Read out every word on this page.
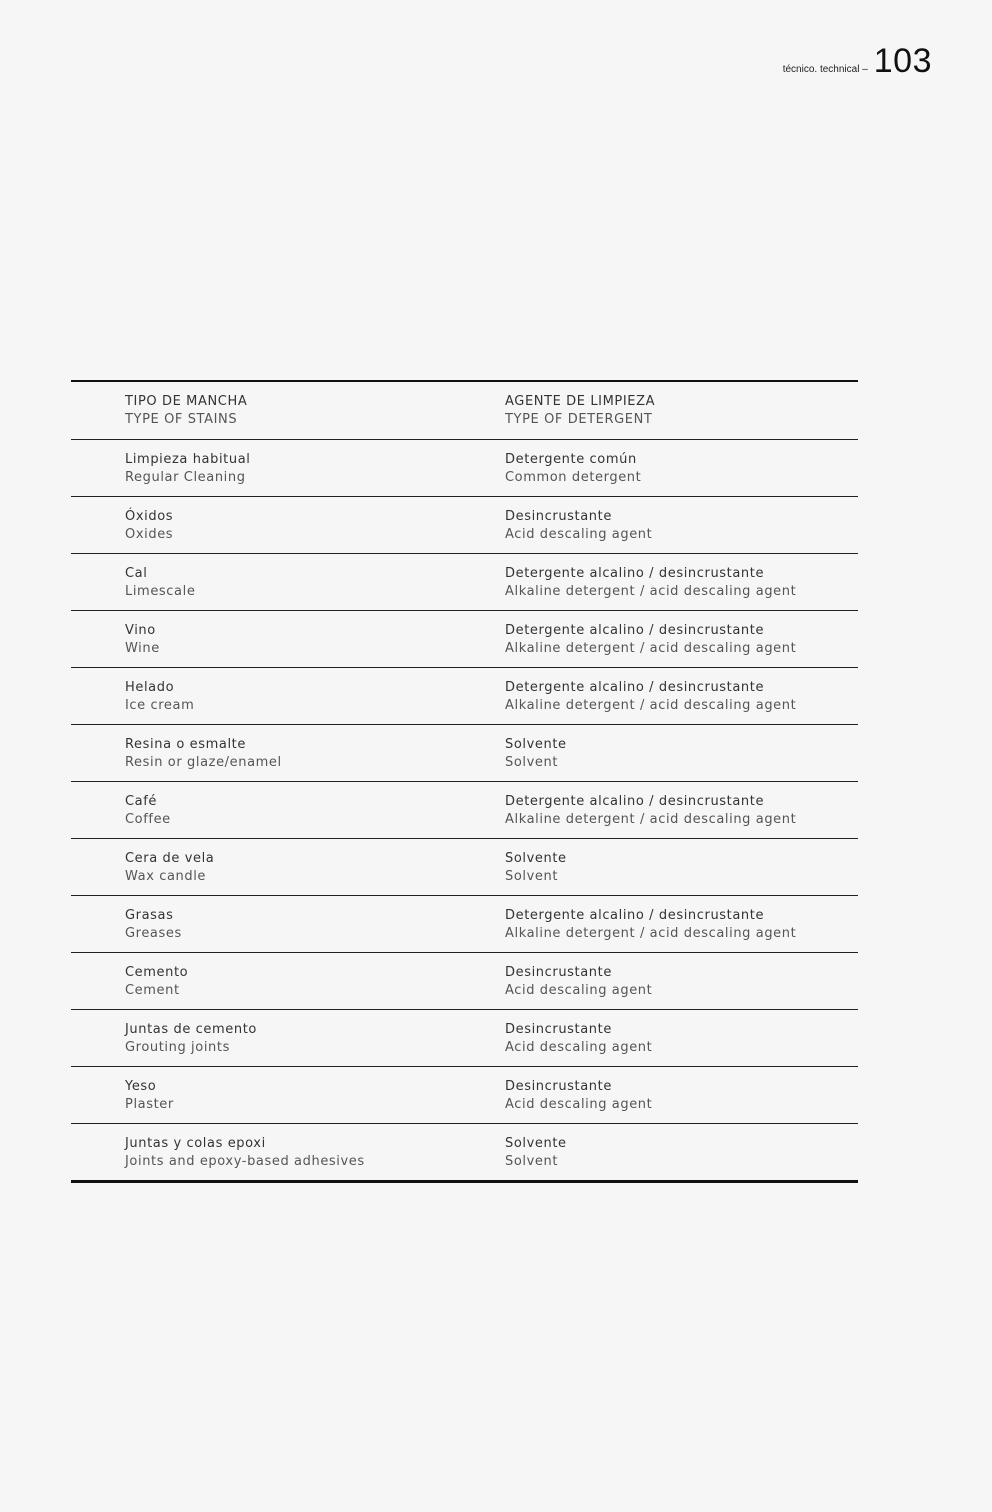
técnico. technical – 103
TIPO DE MANCHA
TYPE OF STAINS
AGENTE DE LIMPIEZA
TYPE OF DETERGENT
Limpieza habitual
Regular Cleaning
Detergente común
Common detergent
Óxidos
Oxides
Desincrustante
Acid descaling agent
Cal
Limescale
Detergente alcalino / desincrustante
Alkaline detergent / acid descaling agent
Vino
Wine
Detergente alcalino / desincrustante
Alkaline detergent / acid descaling agent
Helado
Ice cream
Detergente alcalino / desincrustante
Alkaline detergent / acid descaling agent
Resina o esmalte
Resin or glaze/enamel
Solvente
Solvent
Café
Coffee
Detergente alcalino / desincrustante
Alkaline detergent / acid descaling agent
Cera de vela
Wax candle
Solvente
Solvent
Grasas
Greases
Detergente alcalino / desincrustante
Alkaline detergent / acid descaling agent
Cemento
Cement
Desincrustante
Acid descaling agent
Juntas de cemento
Grouting joints
Desincrustante
Acid descaling agent
Yeso
Plaster
Desincrustante
Acid descaling agent
Juntas y colas epoxi
Joints and epoxy-based adhesives
Solvente
Solvent
